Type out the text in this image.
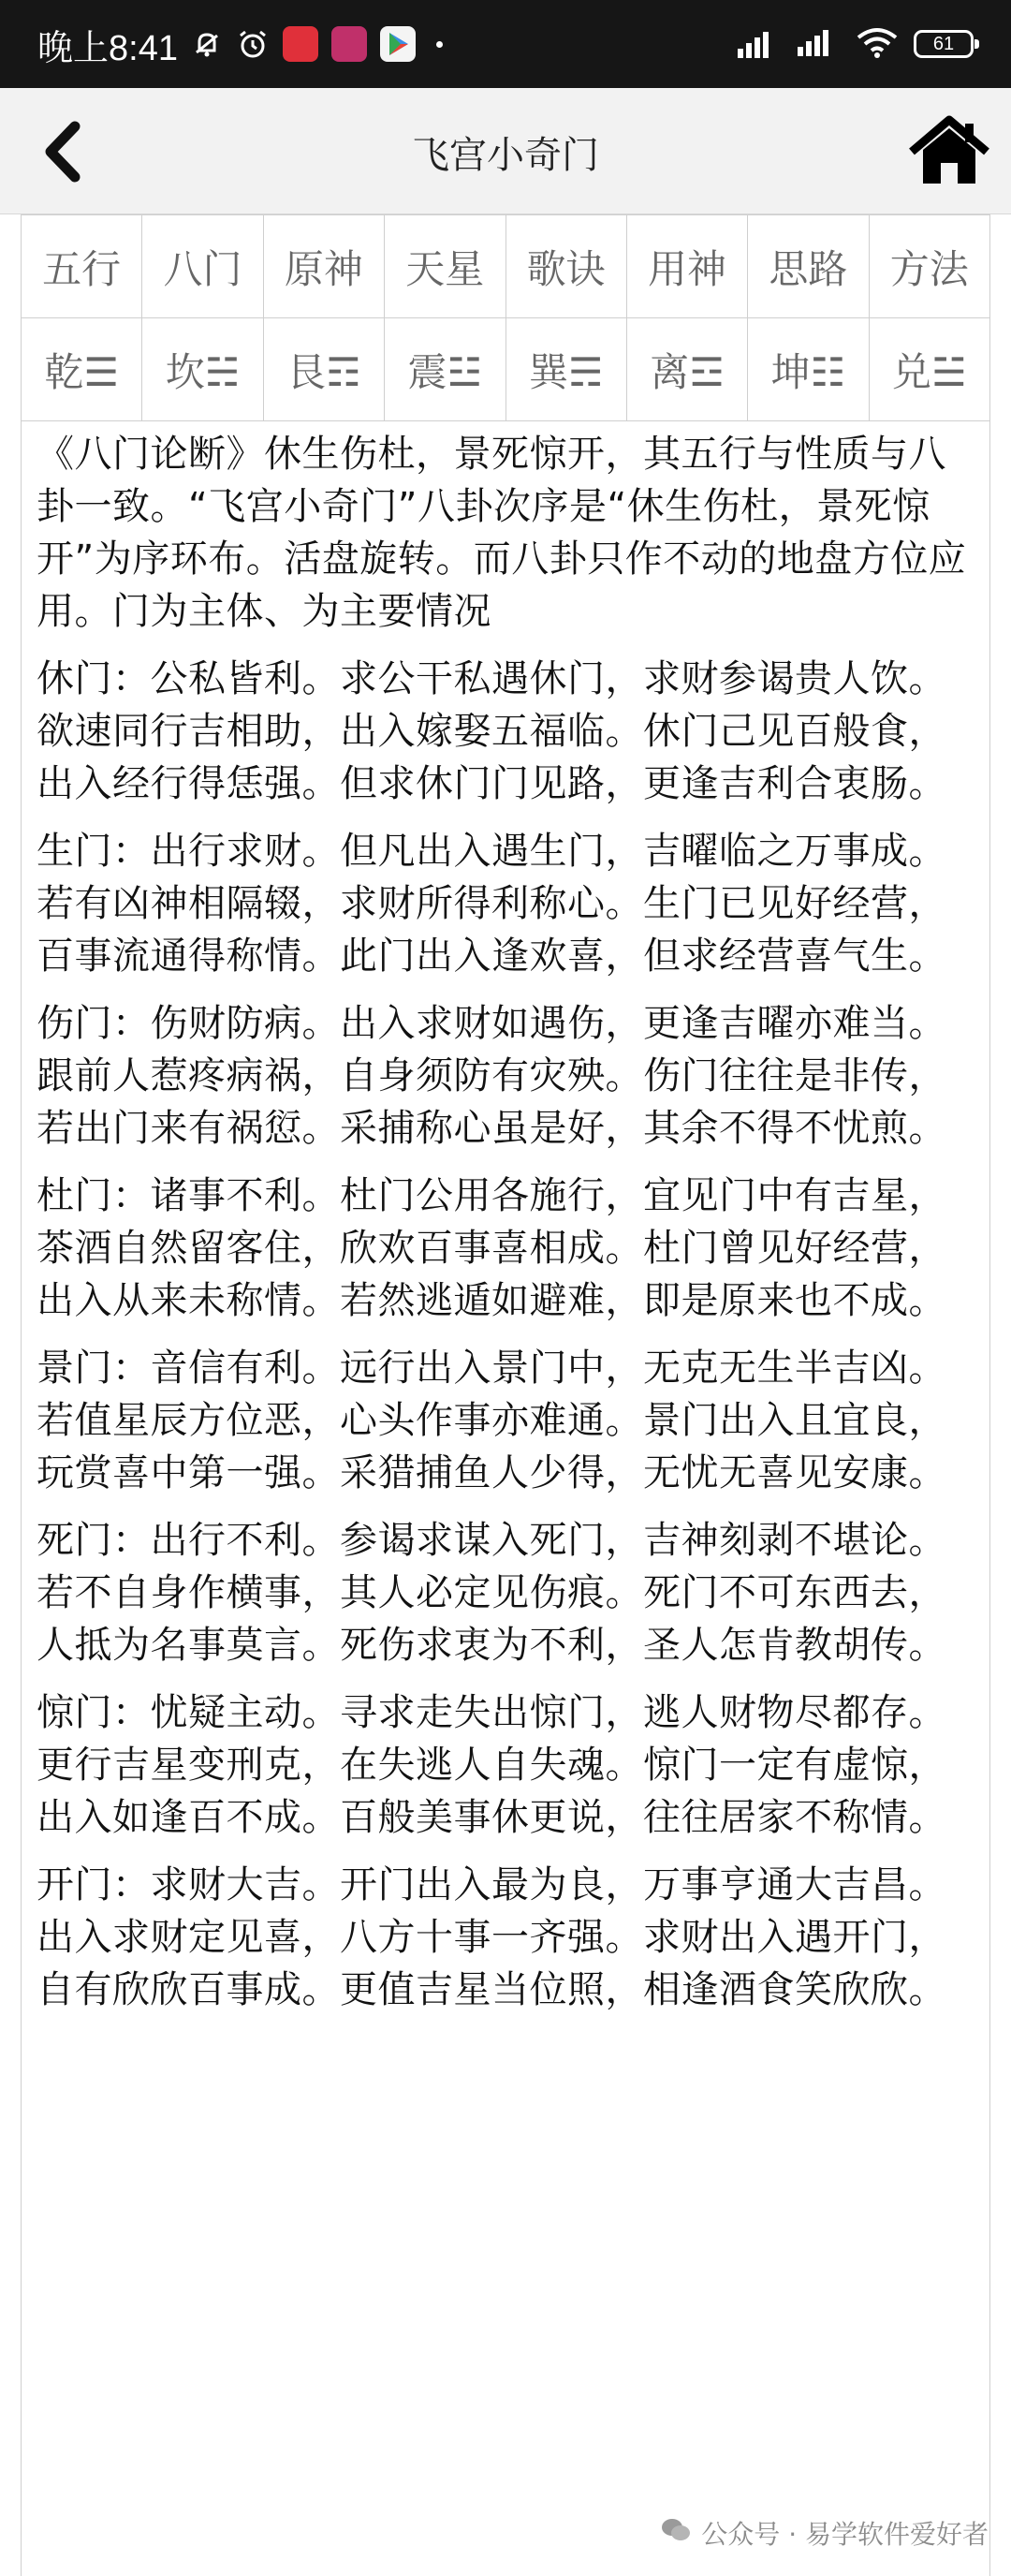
晚上8:41	61
飞宫小奇门
五行	八门	原神	天星	歌诀	用神	思路	方法
乾☰	坎☵	艮☶	震☳	巽☴	离☲	坤☷	兑☱

《八门论断》休生伤杜，景死惊开，其五行与性质与八卦一致。“飞宫小奇门”八卦次序是“休生伤杜，景死惊开”为序环布。活盘旋转。而八卦只作不动的地盘方位应用。门为主体、为主要情况

休门：公私皆利。求公干私遇休门，求财参谒贵人饮。欲速同行吉相助，出入嫁娶五福临。休门己见百般食，出入经行得恁强。但求休门门见路，更逢吉利合衷肠。

生门：出行求财。但凡出入遇生门，吉曜临之万事成。若有凶神相隔辍，求财所得利称心。生门已见好经营，百事流通得称情。此门出入逢欢喜，但求经营喜气生。

伤门：伤财防病。出入求财如遇伤，更逢吉曜亦难当。跟前人惹疼病祸，自身须防有灾殃。伤门往往是非传，若出门来有祸愆。采捕称心虽是好，其余不得不忧煎。

杜门：诸事不利。杜门公用各施行，宜见门中有吉星，茶酒自然留客住，欣欢百事喜相成。杜门曾见好经营，出入从来未称情。若然逃遁如避难，即是原来也不成。

景门：音信有利。远行出入景门中，无克无生半吉凶。若值星辰方位恶，心头作事亦难通。景门出入且宜良，玩赏喜中第一强。采猎捕鱼人少得，无忧无喜见安康。

死门：出行不利。参谒求谋入死门，吉神刻剥不堪论。若不自身作横事，其人必定见伤痕。死门不可东西去，人抵为名事莫言。死伤求衷为不利，圣人怎肯教胡传。

惊门：忧疑主动。寻求走失出惊门，逃人财物尽都存。更行吉星变刑克，在失逃人自失魂。惊门一定有虚惊，出入如逢百不成。百般美事休更说，往往居家不称情。

开门：求财大吉。开门出入最为良，万事亨通大吉昌。出入求财定见喜，八方十事一齐强。求财出入遇开门，自有欣欣百事成。更值吉星当位照，相逢酒食笑欣欣。

公众号 · 易学软件爱好者
